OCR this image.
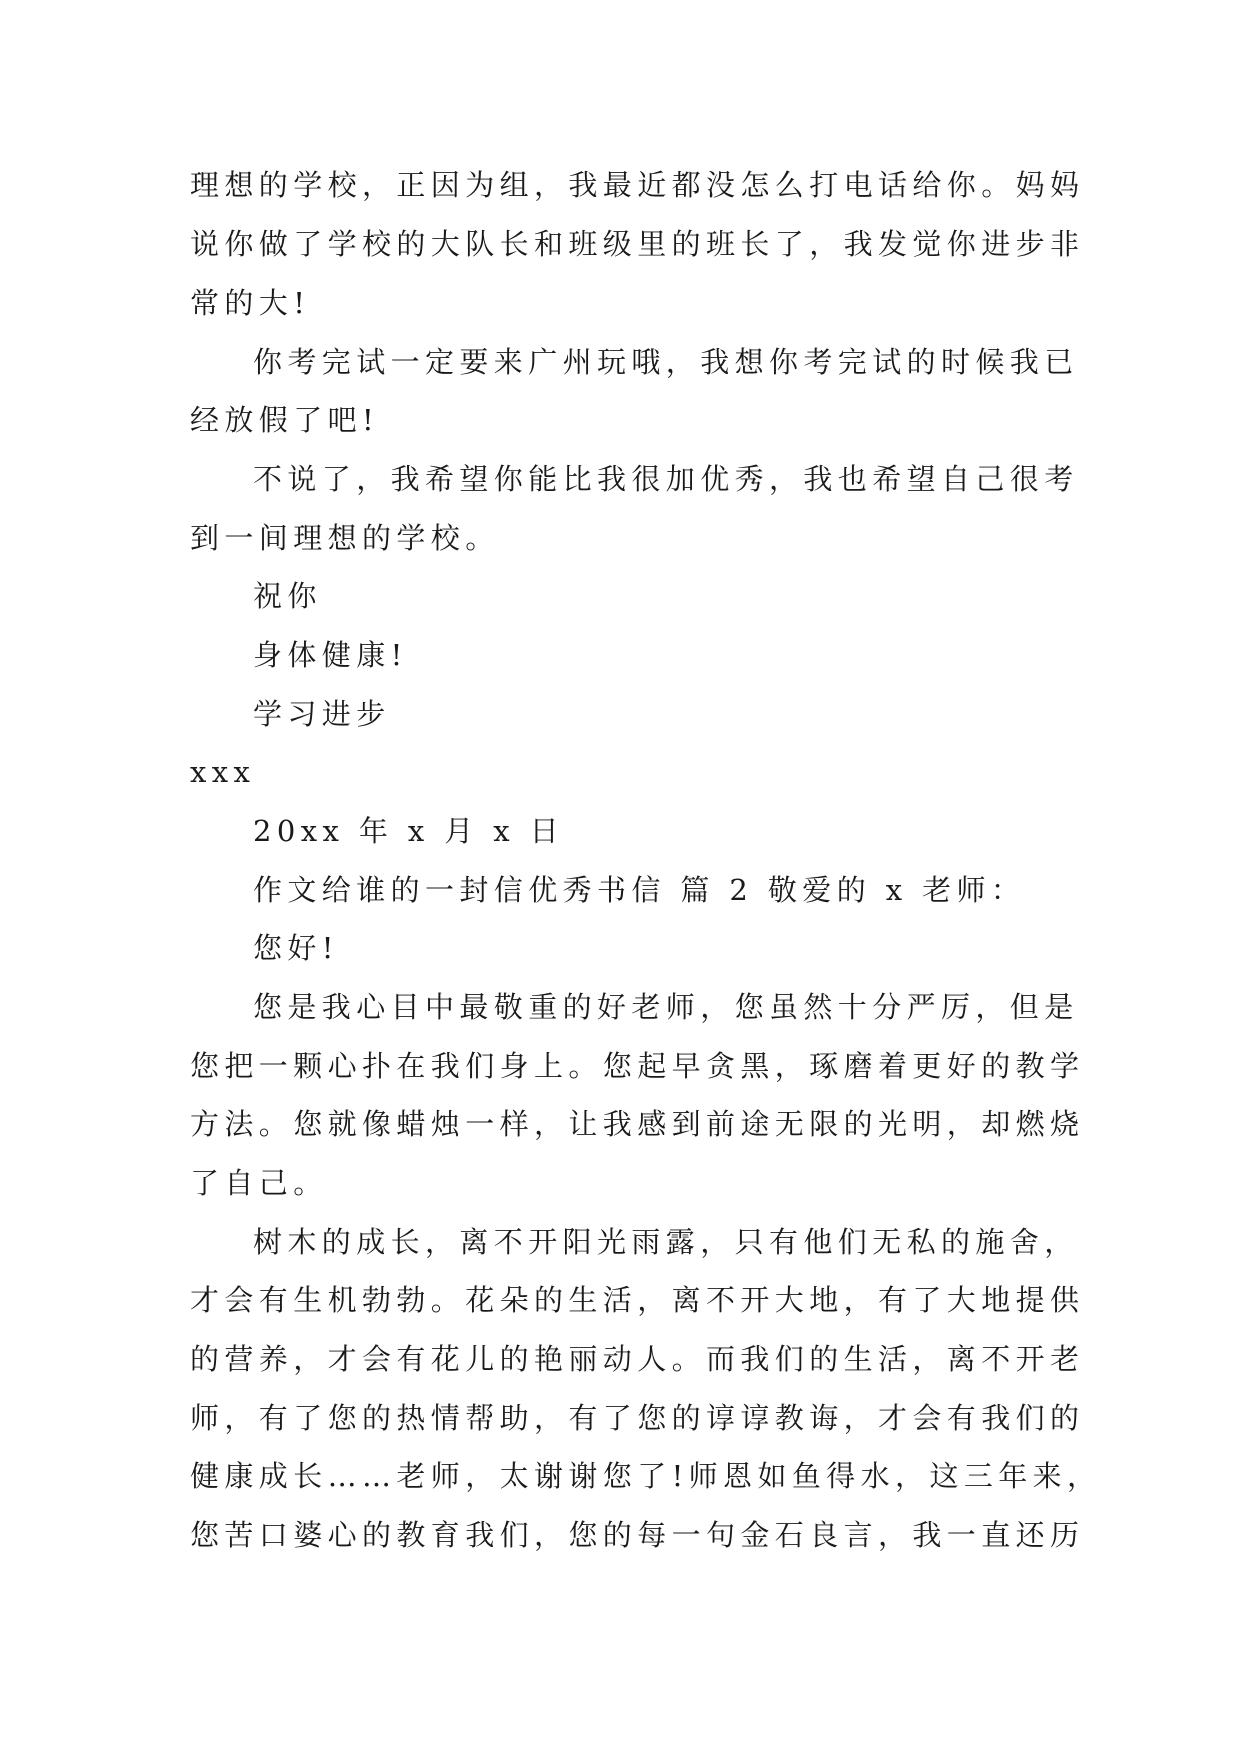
理想的学校，正因为组，我最近都没怎么打电话给你。妈妈
说你做了学校的大队长和班级里的班长了，我发觉你进步非
常的大!
你考完试一定要来广州玩哦，我想你考完试的时候我已
经放假了吧!
不说了，我希望你能比我很加优秀，我也希望自己很考
到一间理想的学校。
祝你
身体健康!
学习进步
xxx
20xx 年 x 月 x 日
作文给谁的一封信优秀书信 篇 2 敬爱的 x 老师：
您好!
您是我心目中最敬重的好老师，您虽然十分严厉，但是
您把一颗心扑在我们身上。您起早贪黑，琢磨着更好的教学
方法。您就像蜡烛一样，让我感到前途无限的光明，却燃烧
了自己。
树木的成长，离不开阳光雨露，只有他们无私的施舍，
才会有生机勃勃。花朵的生活，离不开大地，有了大地提供
的营养，才会有花儿的艳丽动人。而我们的生活，离不开老
师，有了您的热情帮助，有了您的谆谆教诲，才会有我们的
健康成长……老师，太谢谢您了!师恩如鱼得水，这三年来，
您苦口婆心的教育我们，您的每一句金石良言，我一直还历
